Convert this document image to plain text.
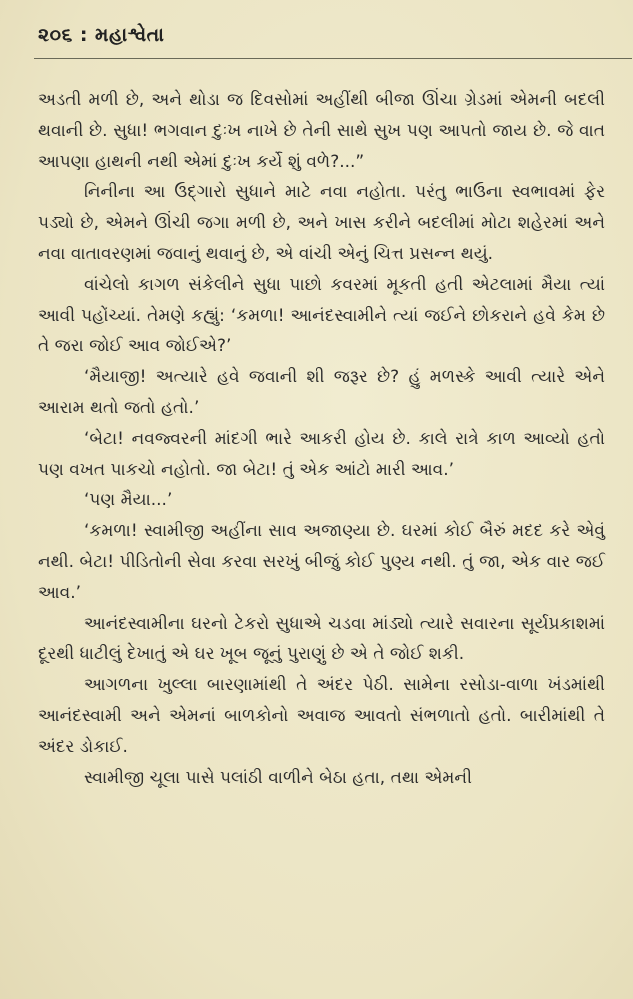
૨૦૬ : મહાશ્વેતા

અડતી મળી છે, અને થોડા જ દિવસોમાં અહીંથી બીજા ઊંચા ગ્રેડમાં એમની બદલી થવાની છે. સુધા! ભગવાન દુઃખ નાખે છે તેની સાથે સુખ પણ આપતો જાય છે. જે વાત આપણા હાથની નથી એમાં દુઃખ કર્યે શું વળે?...”

નિનીના આ ઉદ્‌ગારો સુધાને માટે નવા નહોતા. પરંતુ ભાઉના સ્વભાવમાં ફેર પડ્યો છે, એમને ઊંચી જગા મળી છે, અને ખાસ કરીને બદલીમાં મોટા શહેરમાં અને નવા વાતાવરણમાં જવાનું થવાનું છે, એ વાંચી એનું ચિત્ત પ્રસન્ન થયું.

વાંચેલો કાગળ સંકેલીને સુધા પાછો કવરમાં મૂકતી હતી એટલામાં મૈયા ત્યાં આવી પહોંચ્યાં. તેમણે કહ્યું: ‘કમળા! આનંદસ્વામીને ત્યાં જઈને છોકરાને હવે કેમ છે તે જરા જોઈ આવ જોઈએ?’

‘મૈયાજી! અત્યારે હવે જવાની શી જરૂર છે? હું મળસ્કે આવી ત્યારે એને આરામ થતો જતો હતો.’

‘બેટા! નવજ્વરની માંદગી ભારે આકરી હોય છે. કાલે રાત્રે કાળ આવ્યો હતો પણ વખત પાકચો નહોતો. જા બેટા! તું એક આંટો મારી આવ.’

‘પણ મૈયા...’

‘કમળા! સ્વામીજી અહીંના સાવ અજાણ્યા છે. ઘરમાં કોઈ બૈરું મદદ કરે એવું નથી. બેટા! પીડિતોની સેવા કરવા સરખું બીજું કોઈ પુણ્ય નથી. તું જા, એક વાર જઈ આવ.’

આનંદસ્વામીના ઘરનો ટેકરો સુધાએ ચડવા માંડ્યો ત્યારે સવારના સૂર્યપ્રકાશમાં દૂરથી ધાટીલું દેખાતું એ ઘર ખૂબ જૂનું પુરાણું છે એ તે જોઈ શકી.

આગળના ખુલ્લા બારણામાંથી તે અંદર પેઠી. સામેના રસોડા-વાળા ખંડમાંથી આનંદસ્વામી અને એમનાં બાળકોનો અવાજ આવતો સંભળાતો હતો. બારીમાંથી તે અંદર ડોકાઈ.

સ્વામીજી ચૂલા પાસે પલાંઠી વાળીને બેઠા હતા, તથા એમની
